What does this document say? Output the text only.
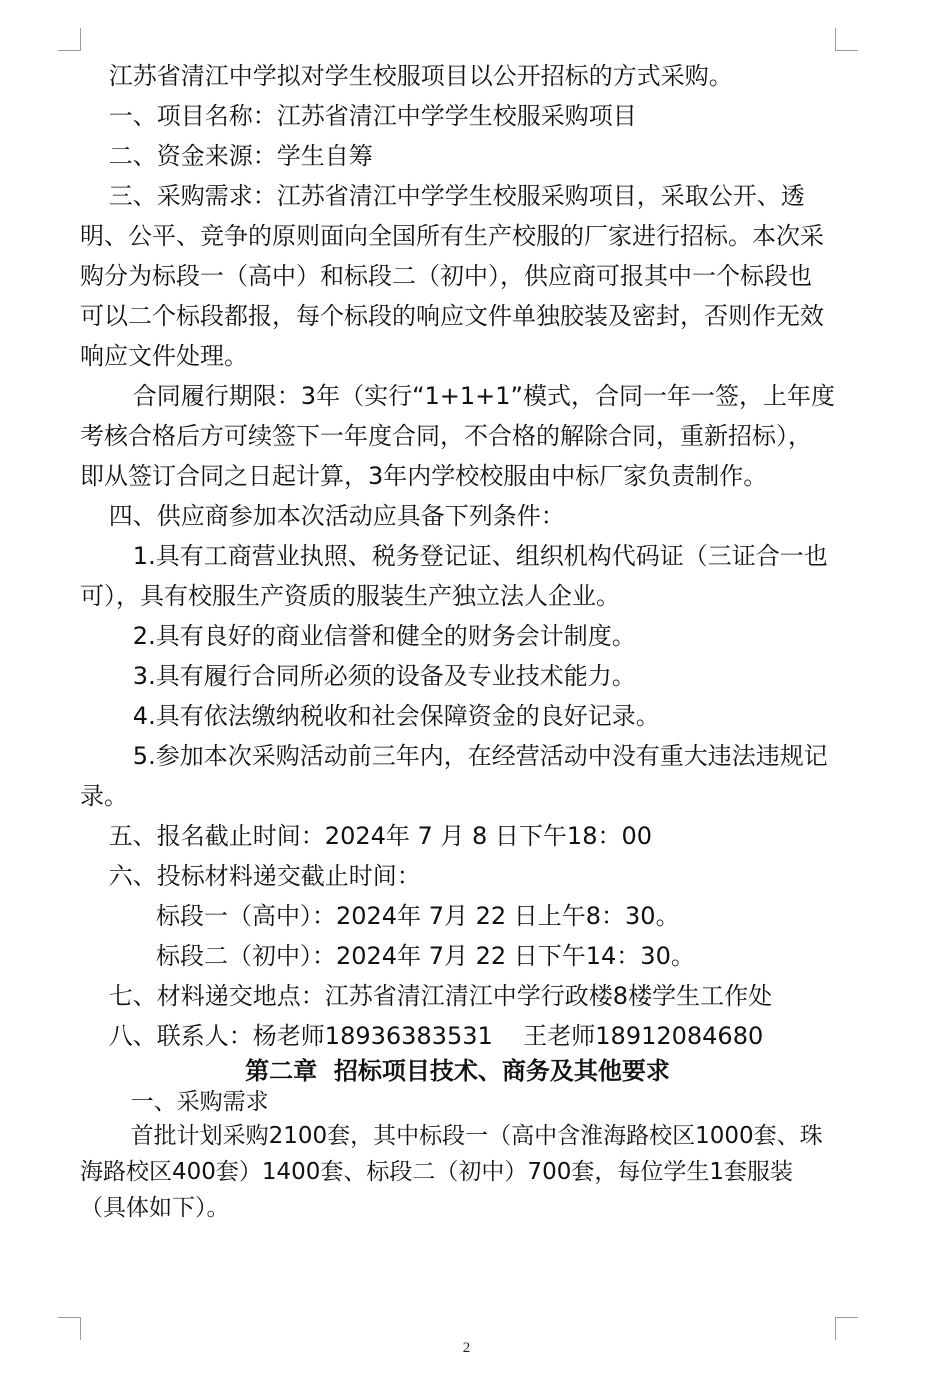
江苏省清江中学拟对学生校服项目以公开招标的方式采购。

一、项目名称：江苏省清江中学学生校服采购项目

二、资金来源：学生自筹

三、采购需求：江苏省清江中学学生校服采购项目，采取公开、透明、公平、竞争的原则面向全国所有生产校服的厂家进行招标。本次采购分为标段一（高中）和标段二（初中），供应商可报其中一个标段也可以二个标段都报，每个标段的响应文件单独胶装及密封，否则作无效响应文件处理。

合同履行期限：3年（实行“1+1+1”模式，合同一年一签，上年度考核合格后方可续签下一年度合同，不合格的解除合同，重新招标），即从签订合同之日起计算，3年内学校校服由中标厂家负责制作。

四、供应商参加本次活动应具备下列条件：

1.具有工商营业执照、税务登记证、组织机构代码证（三证合一也可），具有校服生产资质的服装生产独立法人企业。

2.具有良好的商业信誉和健全的财务会计制度。

3.具有履行合同所必须的设备及专业技术能力。

4.具有依法缴纳税收和社会保障资金的良好记录。

5.参加本次采购活动前三年内，在经营活动中没有重大违法违规记录。

五、报名截止时间：2024年 7 月 8 日下午18：00

六、投标材料递交截止时间：

标段一（高中）：2024年 7月 22 日上午8：30。

标段二（初中）：2024年 7月 22 日下午14：30。

七、材料递交地点：江苏省清江清江中学行政楼8楼学生工作处

八、联系人：杨老师18936383531    王老师18912084680

第二章  招标项目技术、商务及其他要求

一、采购需求

首批计划采购2100套，其中标段一（高中含淮海路校区1000套、珠海路校区400套）1400套、标段二（初中）700套，每位学生1套服装（具体如下）。

2
